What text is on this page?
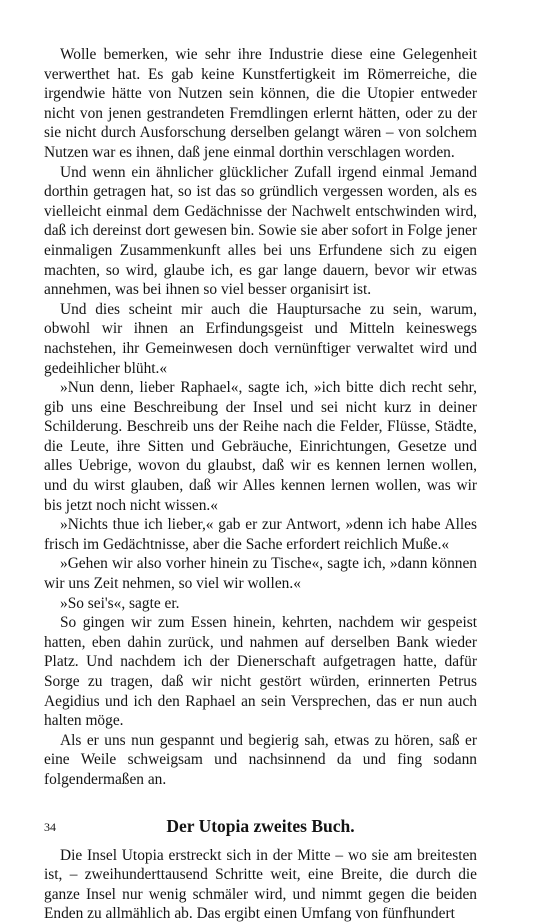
Wolle bemerken, wie sehr ihre Industrie diese eine Gelegenheit verwerthet hat. Es gab keine Kunstfertigkeit im Römerreiche, die irgendwie hätte von Nutzen sein können, die die Utopier entweder nicht von jenen gestrandeten Fremdlingen erlernt hätten, oder zu der sie nicht durch Ausforschung derselben gelangt wären – von solchem Nutzen war es ihnen, daß jene einmal dorthin verschlagen worden.

Und wenn ein ähnlicher glücklicher Zufall irgend einmal Jemand dorthin getragen hat, so ist das so gründlich vergessen worden, als es vielleicht einmal dem Gedächnisse der Nachwelt entschwinden wird, daß ich dereinst dort gewesen bin. Sowie sie aber sofort in Folge jener einmaligen Zusammenkunft alles bei uns Erfundene sich zu eigen machten, so wird, glaube ich, es gar lange dauern, bevor wir etwas annehmen, was bei ihnen so viel besser organisirt ist.

Und dies scheint mir auch die Hauptursache zu sein, warum, obwohl wir ihnen an Erfindungsgeist und Mitteln keineswegs nachstehen, ihr Gemeinwesen doch vernünftiger verwaltet wird und gedeihlicher blüht.«

»Nun denn, lieber Raphael«, sagte ich, »ich bitte dich recht sehr, gib uns eine Beschreibung der Insel und sei nicht kurz in deiner Schilderung. Beschreib uns der Reihe nach die Felder, Flüsse, Städte, die Leute, ihre Sitten und Gebräuche, Einrichtungen, Gesetze und alles Uebrige, wovon du glaubst, daß wir es kennen lernen wollen, und du wirst glauben, daß wir Alles kennen lernen wollen, was wir bis jetzt noch nicht wissen.«

»Nichts thue ich lieber,« gab er zur Antwort, »denn ich habe Alles frisch im Gedächtnisse, aber die Sache erfordert reichlich Muße.«

»Gehen wir also vorher hinein zu Tische«, sagte ich, »dann können wir uns Zeit nehmen, so viel wir wollen.«

»So sei's«, sagte er.

So gingen wir zum Essen hinein, kehrten, nachdem wir gespeist hatten, eben dahin zurück, und nahmen auf derselben Bank wieder Platz. Und nachdem ich der Dienerschaft aufgetragen hatte, dafür Sorge zu tragen, daß wir nicht gestört würden, erinnerten Petrus Aegidius und ich den Raphael an sein Versprechen, das er nun auch halten möge.

Als er uns nun gespannt und begierig sah, etwas zu hören, saß er eine Weile schweigsam und nachsinnend da und fing sodann folgendermaßen an.

Der Utopia zweites Buch.

Die Insel Utopia erstreckt sich in der Mitte – wo sie am breitesten ist, – zweihunderttausend Schritte weit, eine Breite, die durch die ganze Insel nur wenig schmäler wird, und nimmt gegen die beiden Enden zu allmählich ab. Das ergibt einen Umfang von fünfhundert

34
